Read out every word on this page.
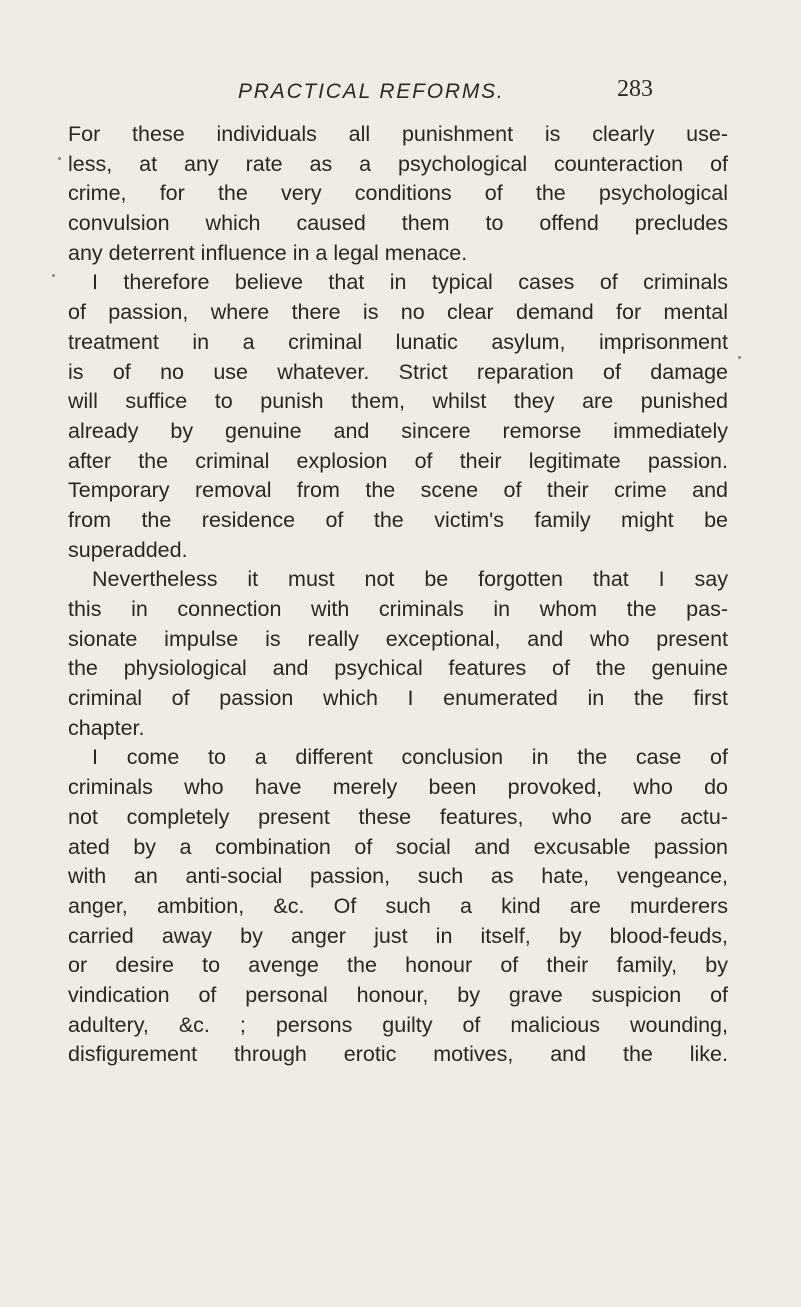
PRACTICAL REFORMS.	283
For these individuals all punishment is clearly use-
less, at any rate as a psychological counteraction of
crime, for the very conditions of the psychological
convulsion which caused them to offend precludes
any deterrent influence in a legal menace.
I therefore believe that in typical cases of criminals
of passion, where there is no clear demand for mental
treatment in a criminal lunatic asylum, imprisonment
is of no use whatever. Strict reparation of damage
will suffice to punish them, whilst they are punished
already by genuine and sincere remorse immediately
after the criminal explosion of their legitimate passion.
Temporary removal from the scene of their crime and
from the residence of the victim's family might be
superadded.
Nevertheless it must not be forgotten that I say
this in connection with criminals in whom the pas-
sionate impulse is really exceptional, and who present
the physiological and psychical features of the genuine
criminal of passion which I enumerated in the first
chapter.
I come to a different conclusion in the case of
criminals who have merely been provoked, who do
not completely present these features, who are actu-
ated by a combination of social and excusable passion
with an anti-social passion, such as hate, vengeance,
anger, ambition, &c. Of such a kind are murderers
carried away by anger just in itself, by blood-feuds,
or desire to avenge the honour of their family, by
vindication of personal honour, by grave suspicion of
adultery, &c. ; persons guilty of malicious wounding,
disfigurement through erotic motives, and the like.
